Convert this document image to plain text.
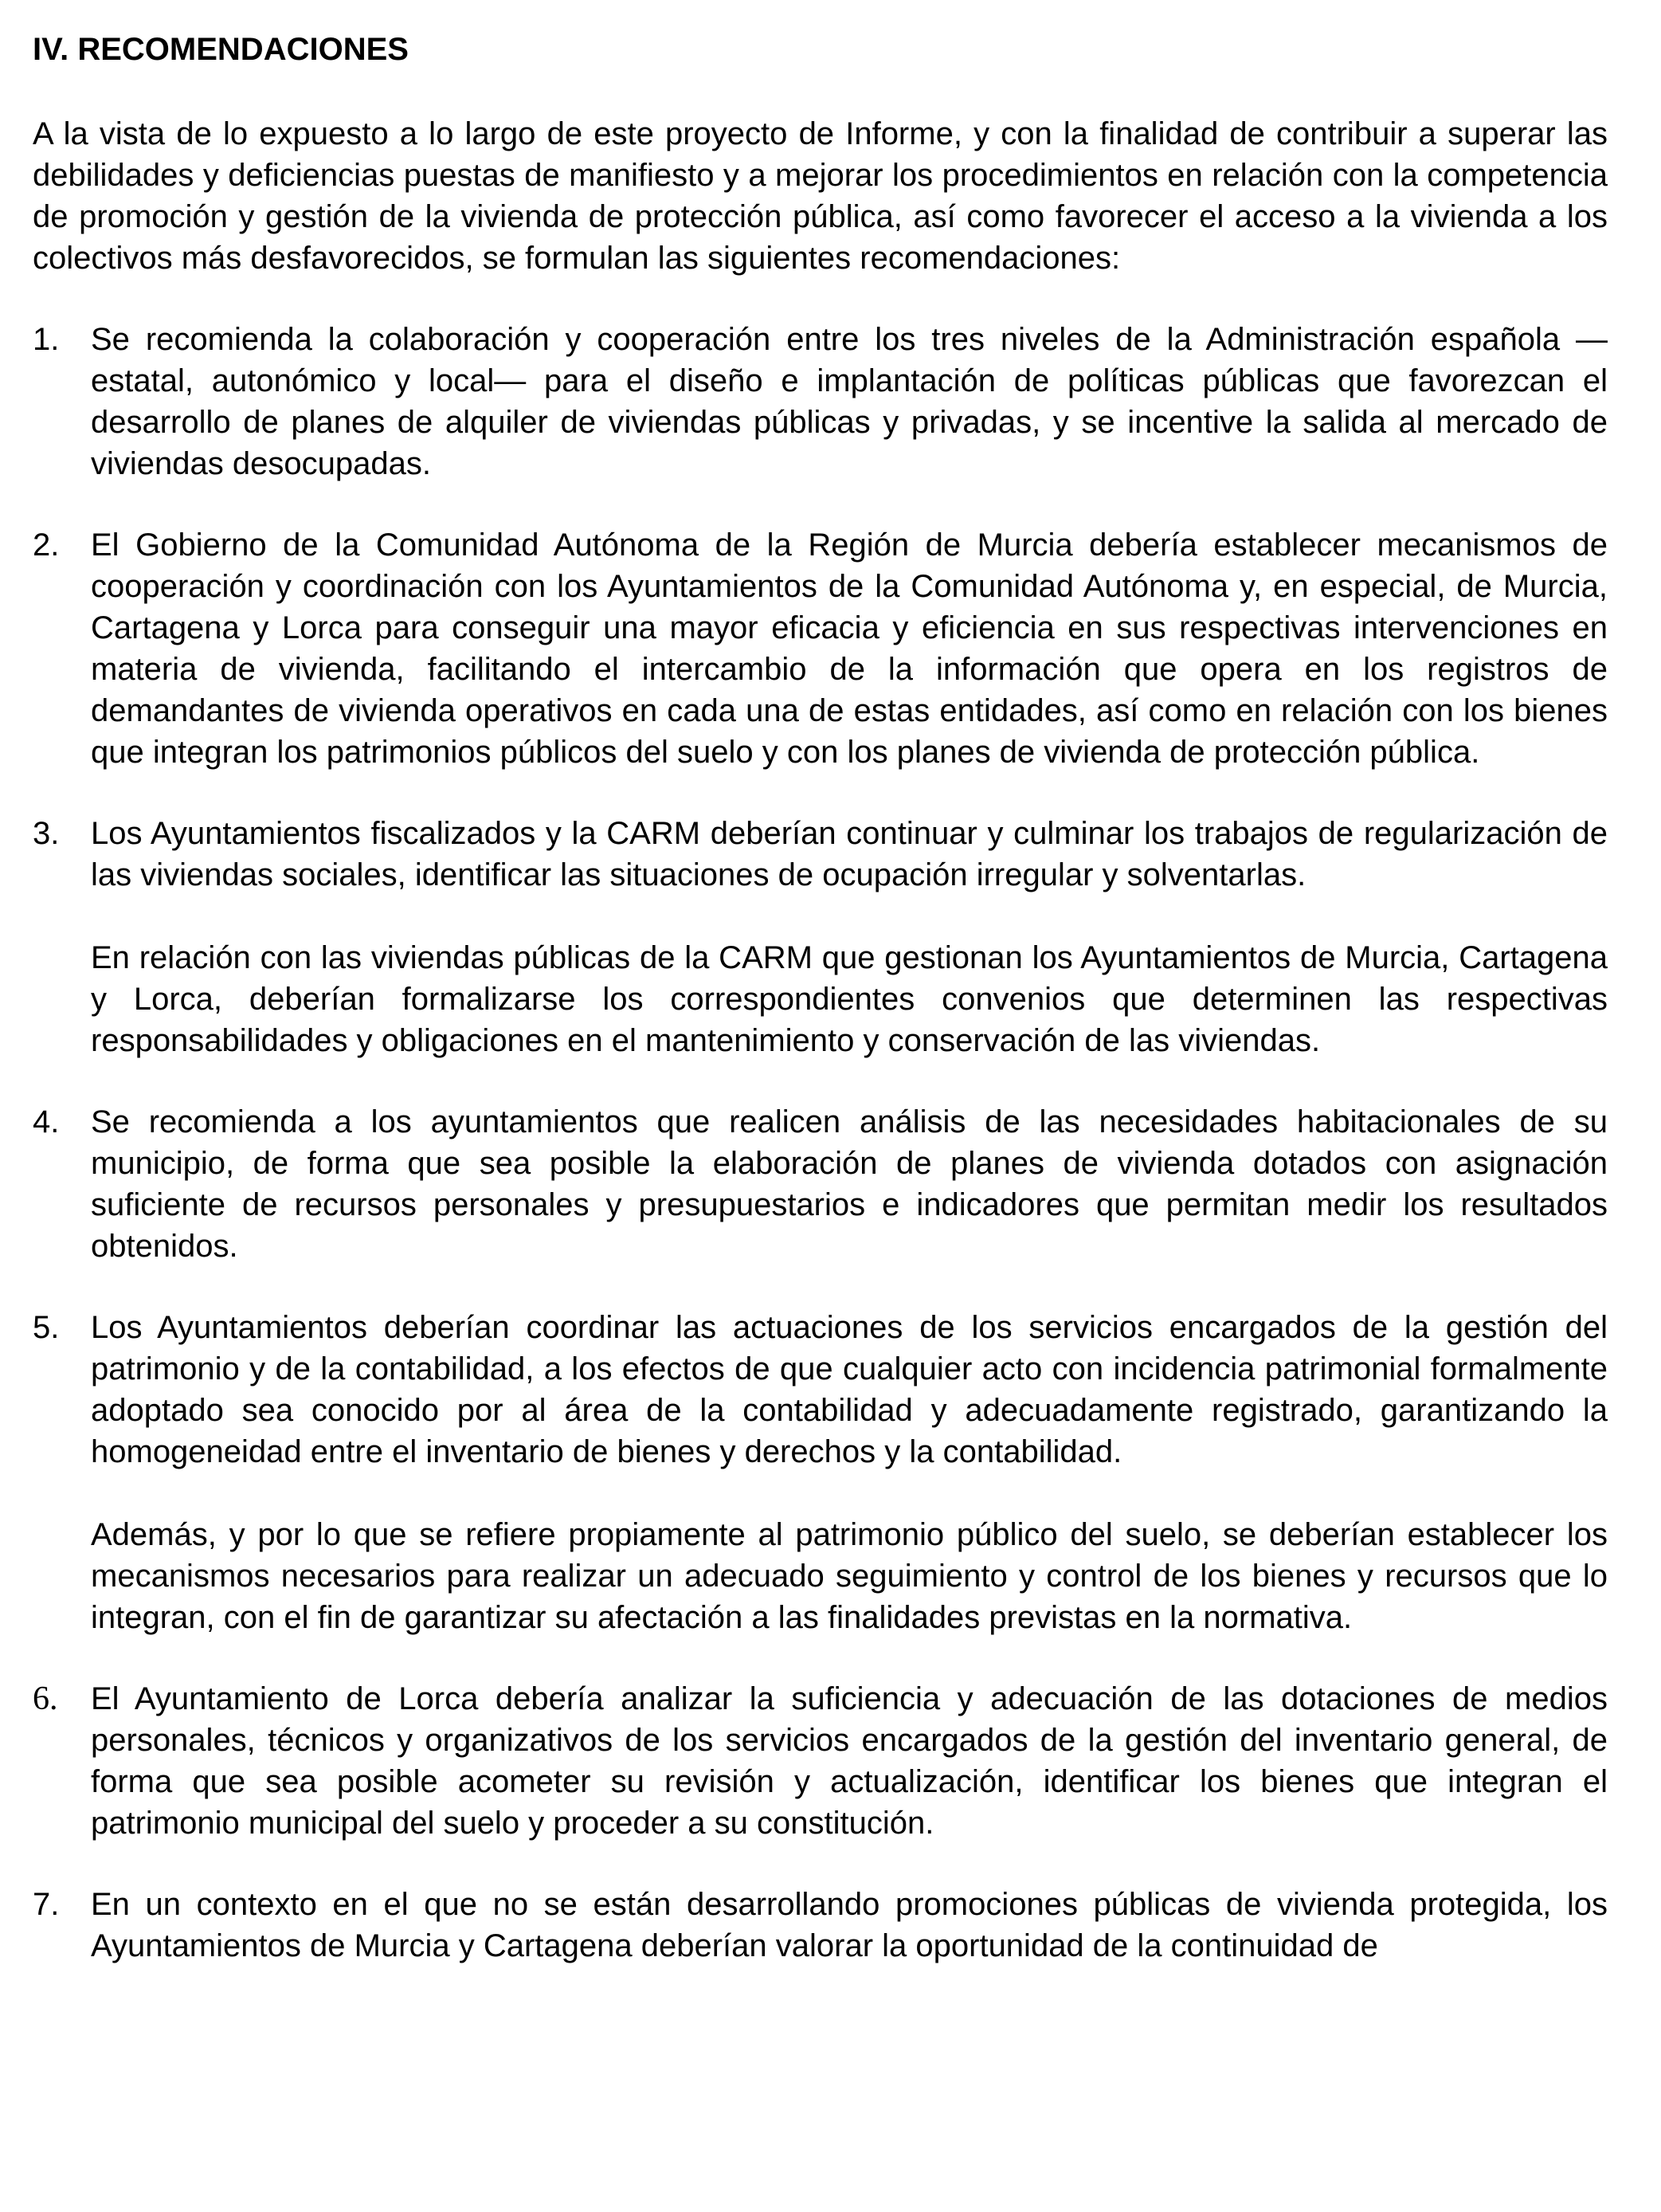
IV. RECOMENDACIONES

A la vista de lo expuesto a lo largo de este proyecto de Informe, y con la finalidad de contribuir a superar las debilidades y deficiencias puestas de manifiesto y a mejorar los procedimientos en relación con la competencia de promoción y gestión de la vivienda de protección pública, así como favorecer el acceso a la vivienda a los colectivos más desfavorecidos, se formulan las siguientes recomendaciones:

1. Se recomienda la colaboración y cooperación entre los tres niveles de la Administración española —estatal, autonómico y local— para el diseño e implantación de políticas públicas que favorezcan el desarrollo de planes de alquiler de viviendas públicas y privadas, y se incentive la salida al mercado de viviendas desocupadas.

2. El Gobierno de la Comunidad Autónoma de la Región de Murcia debería establecer mecanismos de cooperación y coordinación con los Ayuntamientos de la Comunidad Autónoma y, en especial, de Murcia, Cartagena y Lorca para conseguir una mayor eficacia y eficiencia en sus respectivas intervenciones en materia de vivienda, facilitando el intercambio de la información que opera en los registros de demandantes de vivienda operativos en cada una de estas entidades, así como en relación con los bienes que integran los patrimonios públicos del suelo y con los planes de vivienda de protección pública.

3. Los Ayuntamientos fiscalizados y la CARM deberían continuar y culminar los trabajos de regularización de las viviendas sociales, identificar las situaciones de ocupación irregular y solventarlas.

En relación con las viviendas públicas de la CARM que gestionan los Ayuntamientos de Murcia, Cartagena y Lorca, deberían formalizarse los correspondientes convenios que determinen las respectivas responsabilidades y obligaciones en el mantenimiento y conservación de las viviendas.

4. Se recomienda a los ayuntamientos que realicen análisis de las necesidades habitacionales de su municipio, de forma que sea posible la elaboración de planes de vivienda dotados con asignación suficiente de recursos personales y presupuestarios e indicadores que permitan medir los resultados obtenidos.

5. Los Ayuntamientos deberían coordinar las actuaciones de los servicios encargados de la gestión del patrimonio y de la contabilidad, a los efectos de que cualquier acto con incidencia patrimonial formalmente adoptado sea conocido por al área de la contabilidad y adecuadamente registrado, garantizando la homogeneidad entre el inventario de bienes y derechos y la contabilidad.

Además, y por lo que se refiere propiamente al patrimonio público del suelo, se deberían establecer los mecanismos necesarios para realizar un adecuado seguimiento y control de los bienes y recursos que lo integran, con el fin de garantizar su afectación a las finalidades previstas en la normativa.

6.	El Ayuntamiento de Lorca debería analizar la suficiencia y adecuación de las dotaciones de medios personales, técnicos y organizativos de los servicios encargados de la gestión del inventario general, de forma que sea posible acometer su revisión y actualización, identificar los bienes que integran el patrimonio municipal del suelo y proceder a su constitución.

7. En un contexto en el que no se están desarrollando promociones públicas de vivienda protegida, los Ayuntamientos de Murcia y Cartagena deberían valorar la oportunidad de la continuidad de
